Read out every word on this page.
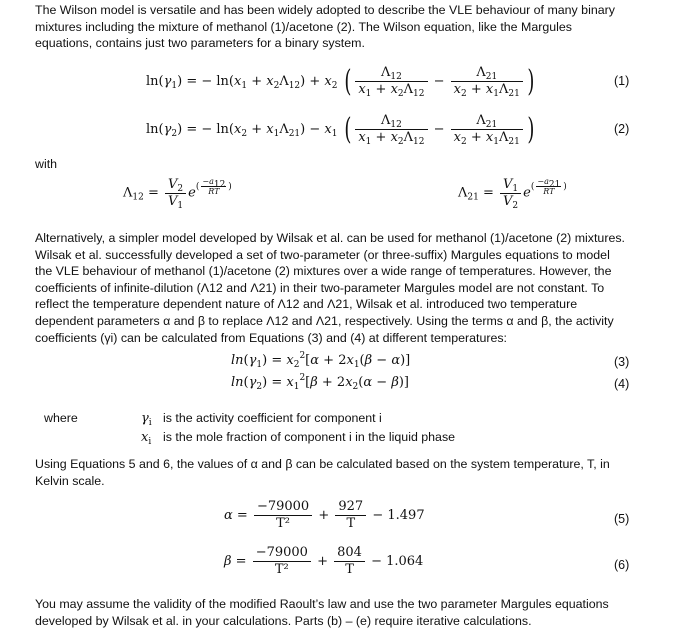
The Wilson model is versatile and has been widely adopted to describe the VLE behaviour of many binary
mixtures including the mixture of methanol (1)/acetone (2). The Wilson equation, like the Margules
equations, contains just two parameters for a binary system.
$\ln(\gamma_1)$ = − $\ln(x_1 + x_2\Lambda_{12}) + x_2$ ( $\frac{\Lambda_{12}}{x_1 + x_2\Lambda_{12}} - \frac{\Lambda_{21}}{x_2 + x_1\Lambda_{21}}$ )	(1)
$\ln(\gamma_2)$ = − $\ln(x_2 + x_1\Lambda_{21}) - x_1$ ( $\frac{\Lambda_{12}}{x_1 + x_2\Lambda_{12}} - \frac{\Lambda_{21}}{x_2 + x_1\Lambda_{21}}$ )	(2)
with
$\Lambda_{12} = \frac{V_2}{V_1} e( \frac{-a_{12}}{RT}$ )	$\Lambda_{21} = \frac{V_1}{V_2} e( \frac{-a_{21}}{RT}$ )
Alternatively, a simpler model developed by Wilsak et al. can be used for methanol (1)/acetone (2) mixtures.
Wilsak et al. successfully developed a set of two-parameter (or three-suffix) Margules equations to model
the VLE behaviour of methanol (1)/acetone (2) mixtures over a wide range of temperatures. However, the
coefficients of infinite-dilution (Λ12 and Λ21) in their two-parameter Margules model are not constant. To
reflect the temperature dependent nature of Λ12 and Λ21, Wilsak et al. introduced two temperature
dependent parameters α and β to replace Λ12 and Λ21, respectively. Using the terms α and β, the activity
coefficients (γi) can be calculated from Equations (3) and (4) at different temperatures:
$\ln(\gamma_1) = x_2^2[\alpha + 2x_1(\beta - \alpha)]$	(3)
$\ln(\gamma_2) = x_1^2[\beta + 2x_2(\alpha - \beta)]$	(4)
where	$\gamma_i$ is the activity coefficient for component i
$x_i$ is the mole fraction of component i in the liquid phase
Using Equations 5 and 6, the values of α and β can be calculated based on the system temperature, T, in
Kelvin scale.
$\alpha = \frac{-79000}{\text{T²}} + \frac{927}{T} - 1.497$	(5)
$\beta = \frac{-79000}{\text{T²}} + \frac{804}{T} - 1.064$	(6)
You may assume the validity of the modified Raoult’s law and use the two parameter Margules equations
developed by Wilsak et al. in your calculations. Parts (b) – (e) require iterative calculations.
